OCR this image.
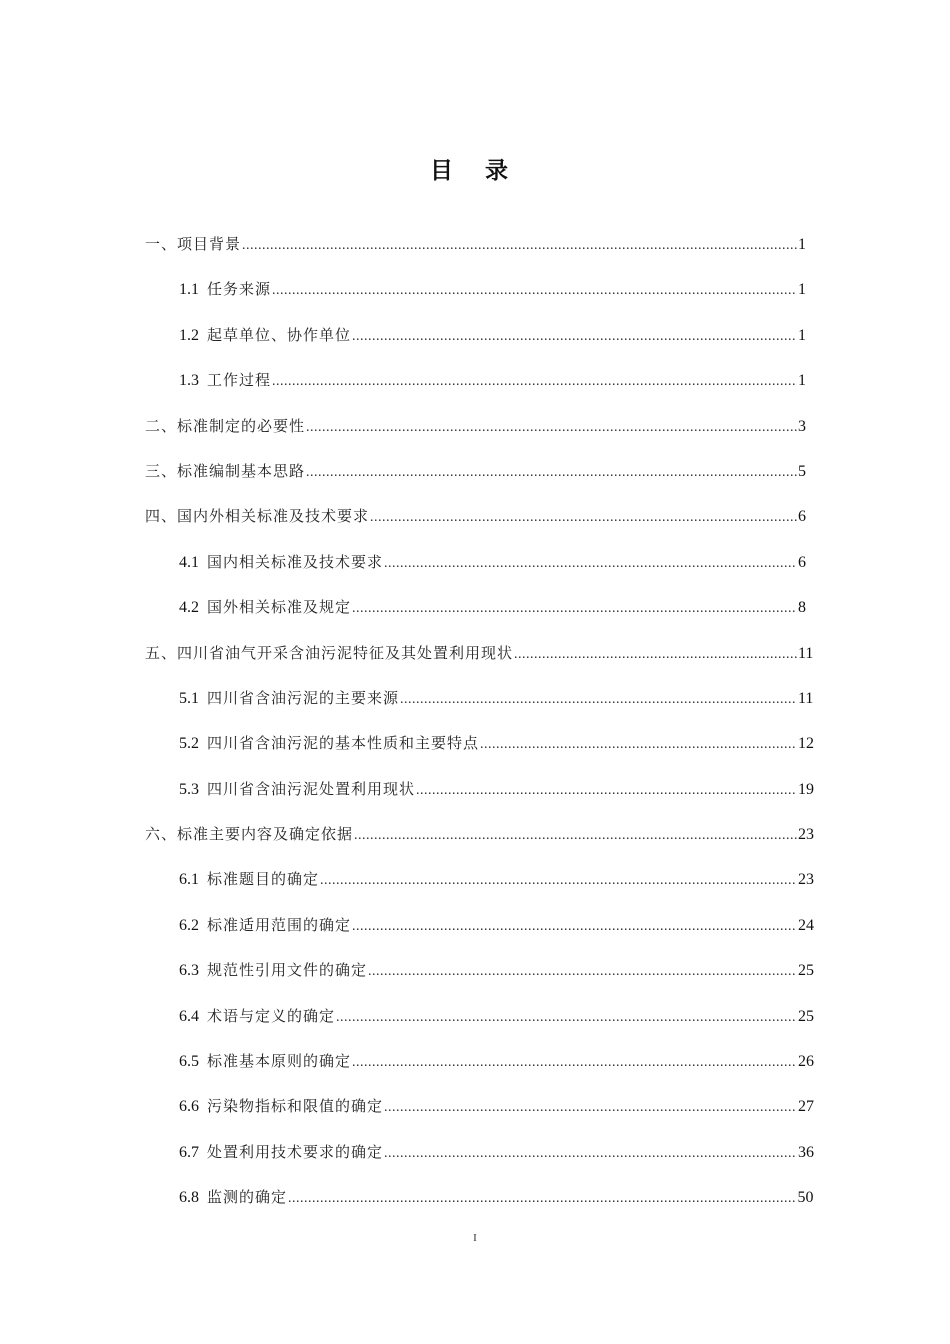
目 录
一、项目背景 .....	1
1.1 任务来源 .....	1
1.2 起草单位、协作单位 .....	1
1.3 工作过程 .....	1
二、标准制定的必要性 .....	3
三、标准编制基本思路 .....	5
四、国内外相关标准及技术要求 .....	6
4.1 国内相关标准及技术要求 .....	6
4.2 国外相关标准及规定 .....	8
五、四川省油气开采含油污泥特征及其处置利用现状 .....	11
5.1 四川省含油污泥的主要来源 .....	11
5.2 四川省含油污泥的基本性质和主要特点 .....	12
5.3 四川省含油污泥处置利用现状 .....	19
六、标准主要内容及确定依据 .....	23
6.1 标准题目的确定 .....	23
6.2 标准适用范围的确定 .....	24
6.3 规范性引用文件的确定 .....	25
6.4 术语与定义的确定 .....	25
6.5 标准基本原则的确定 .....	26
6.6 污染物指标和限值的确定 .....	27
6.7 处置利用技术要求的确定 .....	36
6.8 监测的确定 .....	50
I
